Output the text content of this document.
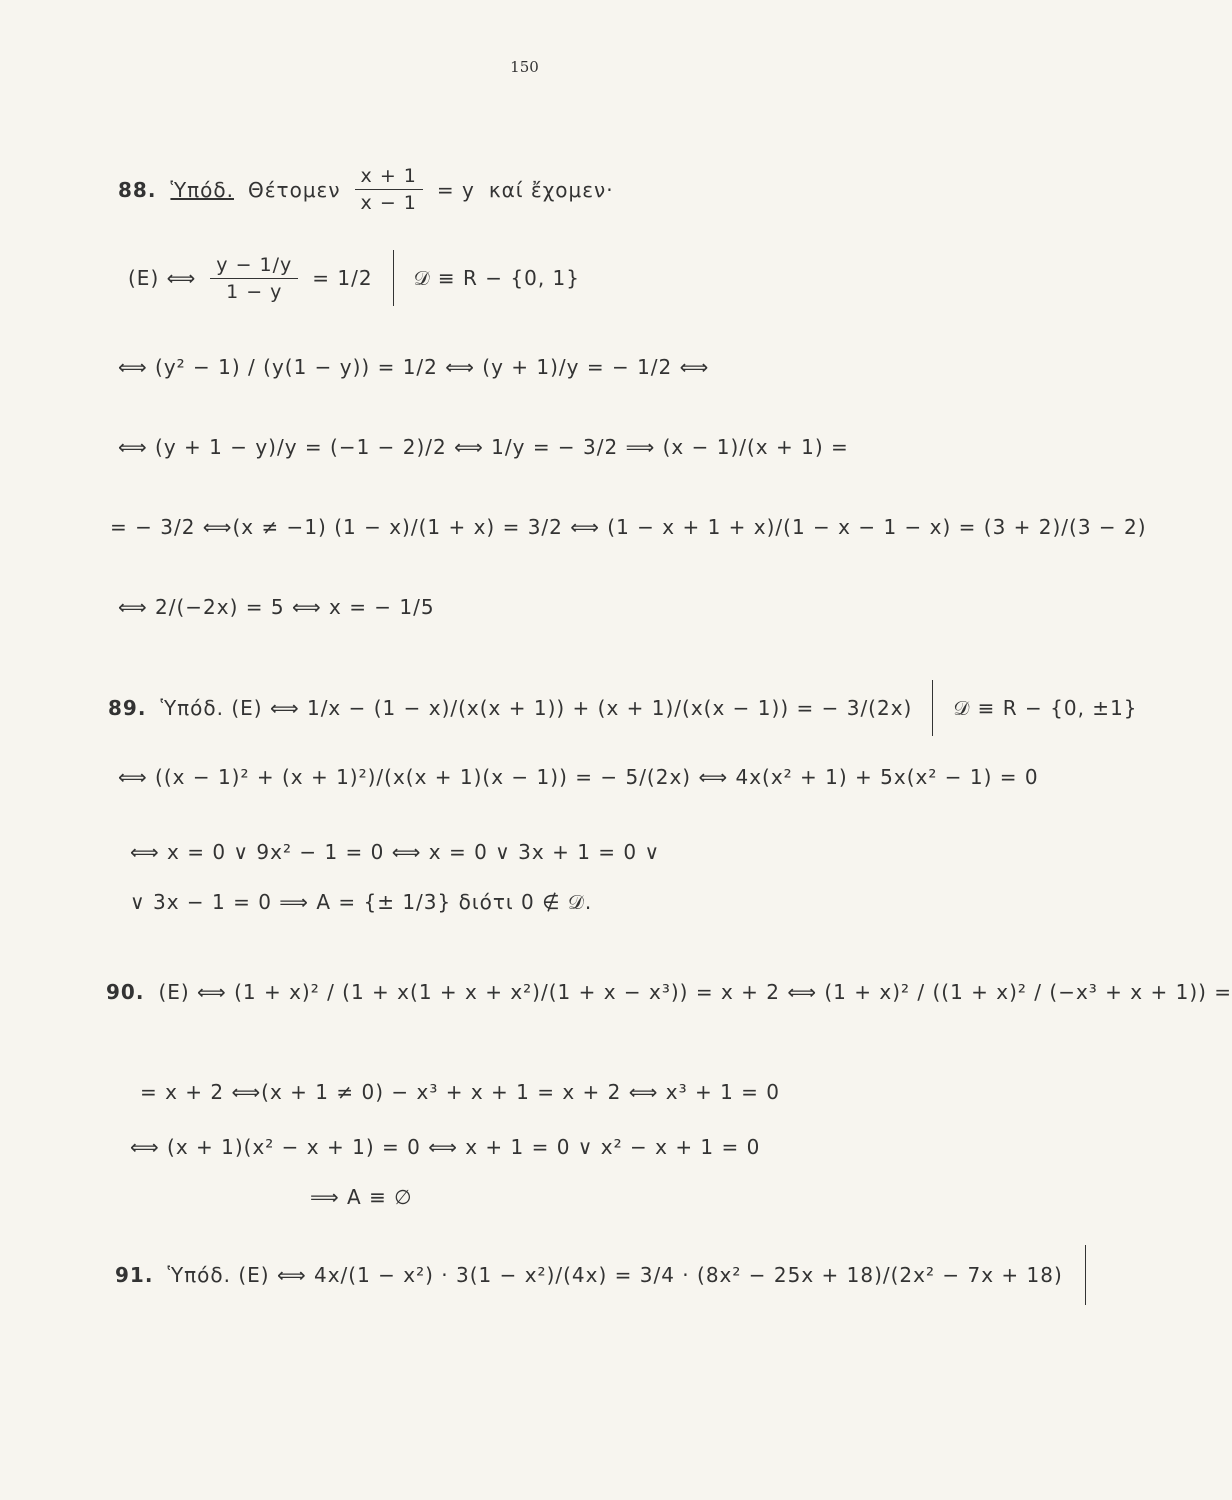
150
88. Ὑπόδ. Θέτομεν $\frac{x + 1}{x - 1} = y$ καί ἔχομεν·
(E) ⟺ $\frac{y - 1/y}{1 - y} = 1/2$ 𝒟 ≡ R − {0, 1}
⟺ (y² − 1) / (y(1 − y)) = 1/2 ⟺ (y + 1)/y = − 1/2 ⟺
⟺ (y + 1 − y)/y = (−1 − 2)/2 ⟺ 1/y = − 3/2 ⟹ (x − 1)/(x + 1) =
= − 3/2 ⟺(x ≠ −1) (1 − x)/(1 + x) = 3/2 ⟺ (1 − x + 1 + x)/(1 − x − 1 − x) = (3 + 2)/(3 − 2)
⟺ 2/(−2x) = 5 ⟺ x = − 1/5
89. Ὑπόδ. (E) ⟺ 1/x − (1 − x)/(x(x + 1)) + (x + 1)/(x(x − 1)) = − 3/(2x) 𝒟 ≡ R − {0, ±1}
⟺ ((x − 1)² + (x + 1)²)/(x(x + 1)(x − 1)) = − 5/(2x) ⟺ 4x(x² + 1) + 5x(x² − 1) = 0
⟺ x = 0 ∨ 9x² − 1 = 0 ⟺ x = 0 ∨ 3x + 1 = 0 ∨
∨ 3x − 1 = 0 ⟹ A = {± 1/3} διότι 0 ∉ 𝒟.
90. (E) ⟺ (1 + x)² / (1 + x(1 + x + x²)/(1 + x − x³)) = x + 2 ⟺ (1 + x)² / ((1 + x)² / (−x³ + x + 1)) =
= x + 2 ⟺(x + 1 ≠ 0) − x³ + x + 1 = x + 2 ⟺ x³ + 1 = 0
⟺ (x + 1)(x² − x + 1) = 0 ⟺ x + 1 = 0 ∨ x² − x + 1 = 0
⟹ A ≡ ∅
91. Ὑπόδ. (E) ⟺ 4x/(1 − x²) · 3(1 − x²)/(4x) = 3/4 · (8x² − 25x + 18)/(2x² − 7x + 18)
